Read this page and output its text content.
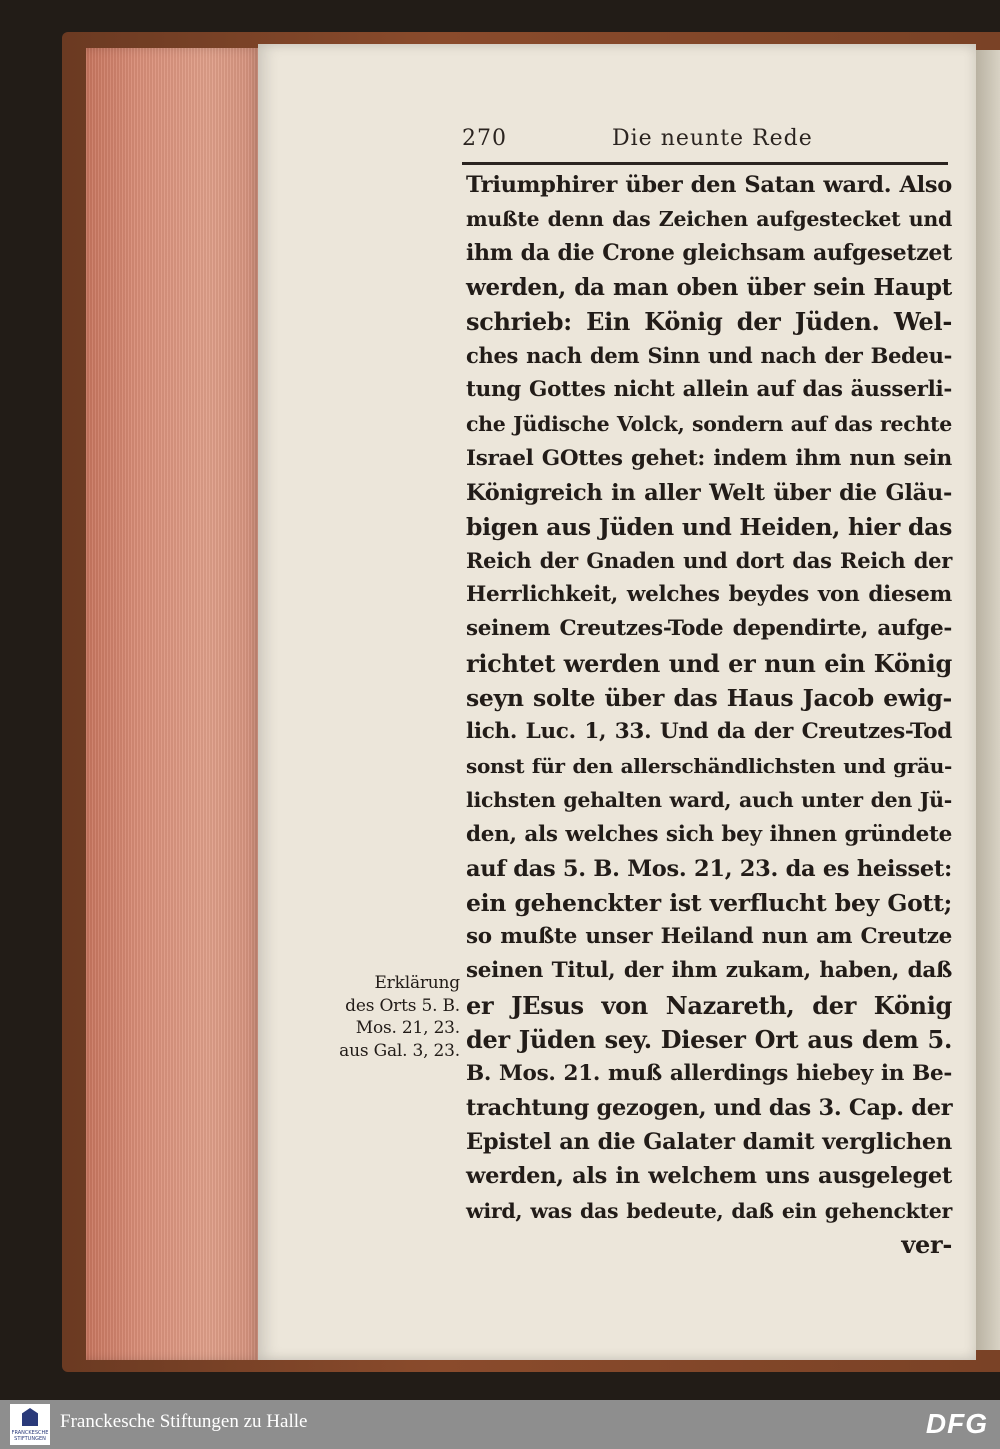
270	Die neunte Rede
Triumphirer über den Satan ward. Also
mußte denn das Zeichen aufgestecket und
ihm da die Crone gleichsam aufgesetzet
werden, da man oben über sein Haupt
schrieb: Ein König der Jüden. Wel-
ches nach dem Sinn und nach der Bedeu-
tung Gottes nicht allein auf das äusserli-
che Jüdische Volck, sondern auf das rechte
Israel GOttes gehet: indem ihm nun sein
Königreich in aller Welt über die Gläu-
bigen aus Jüden und Heiden, hier das
Reich der Gnaden und dort das Reich der
Herrlichkeit, welches beydes von diesem
seinem Creutzes-Tode dependirte, aufge-
richtet werden und er nun ein König
seyn solte über das Haus Jacob ewig-
lich. Luc. 1, 33. Und da der Creutzes-Tod
sonst für den allerschändlichsten und gräu-
lichsten gehalten ward, auch unter den Jü-
den, als welches sich bey ihnen gründete
auf das 5. B. Mos. 21, 23. da es heisset:
ein gehenckter ist verflucht bey Gott;
so mußte unser Heiland nun am Creutze
seinen Titul, der ihm zukam, haben, daß
er JEsus von Nazareth, der König
der Jüden sey. Dieser Ort aus dem 5.
B. Mos. 21. muß allerdings hiebey in Be-
trachtung gezogen, und das 3. Cap. der
Epistel an die Galater damit verglichen
werden, als in welchem uns ausgeleget
wird, was das bedeute, daß ein gehenckter
ver-
Erklärung
des Orts 5. B.
Mos. 21, 23.
aus Gal. 3, 23.
FRANCKESCHE STIFTUNGEN
Franckesche Stiftungen zu Halle	DFG
